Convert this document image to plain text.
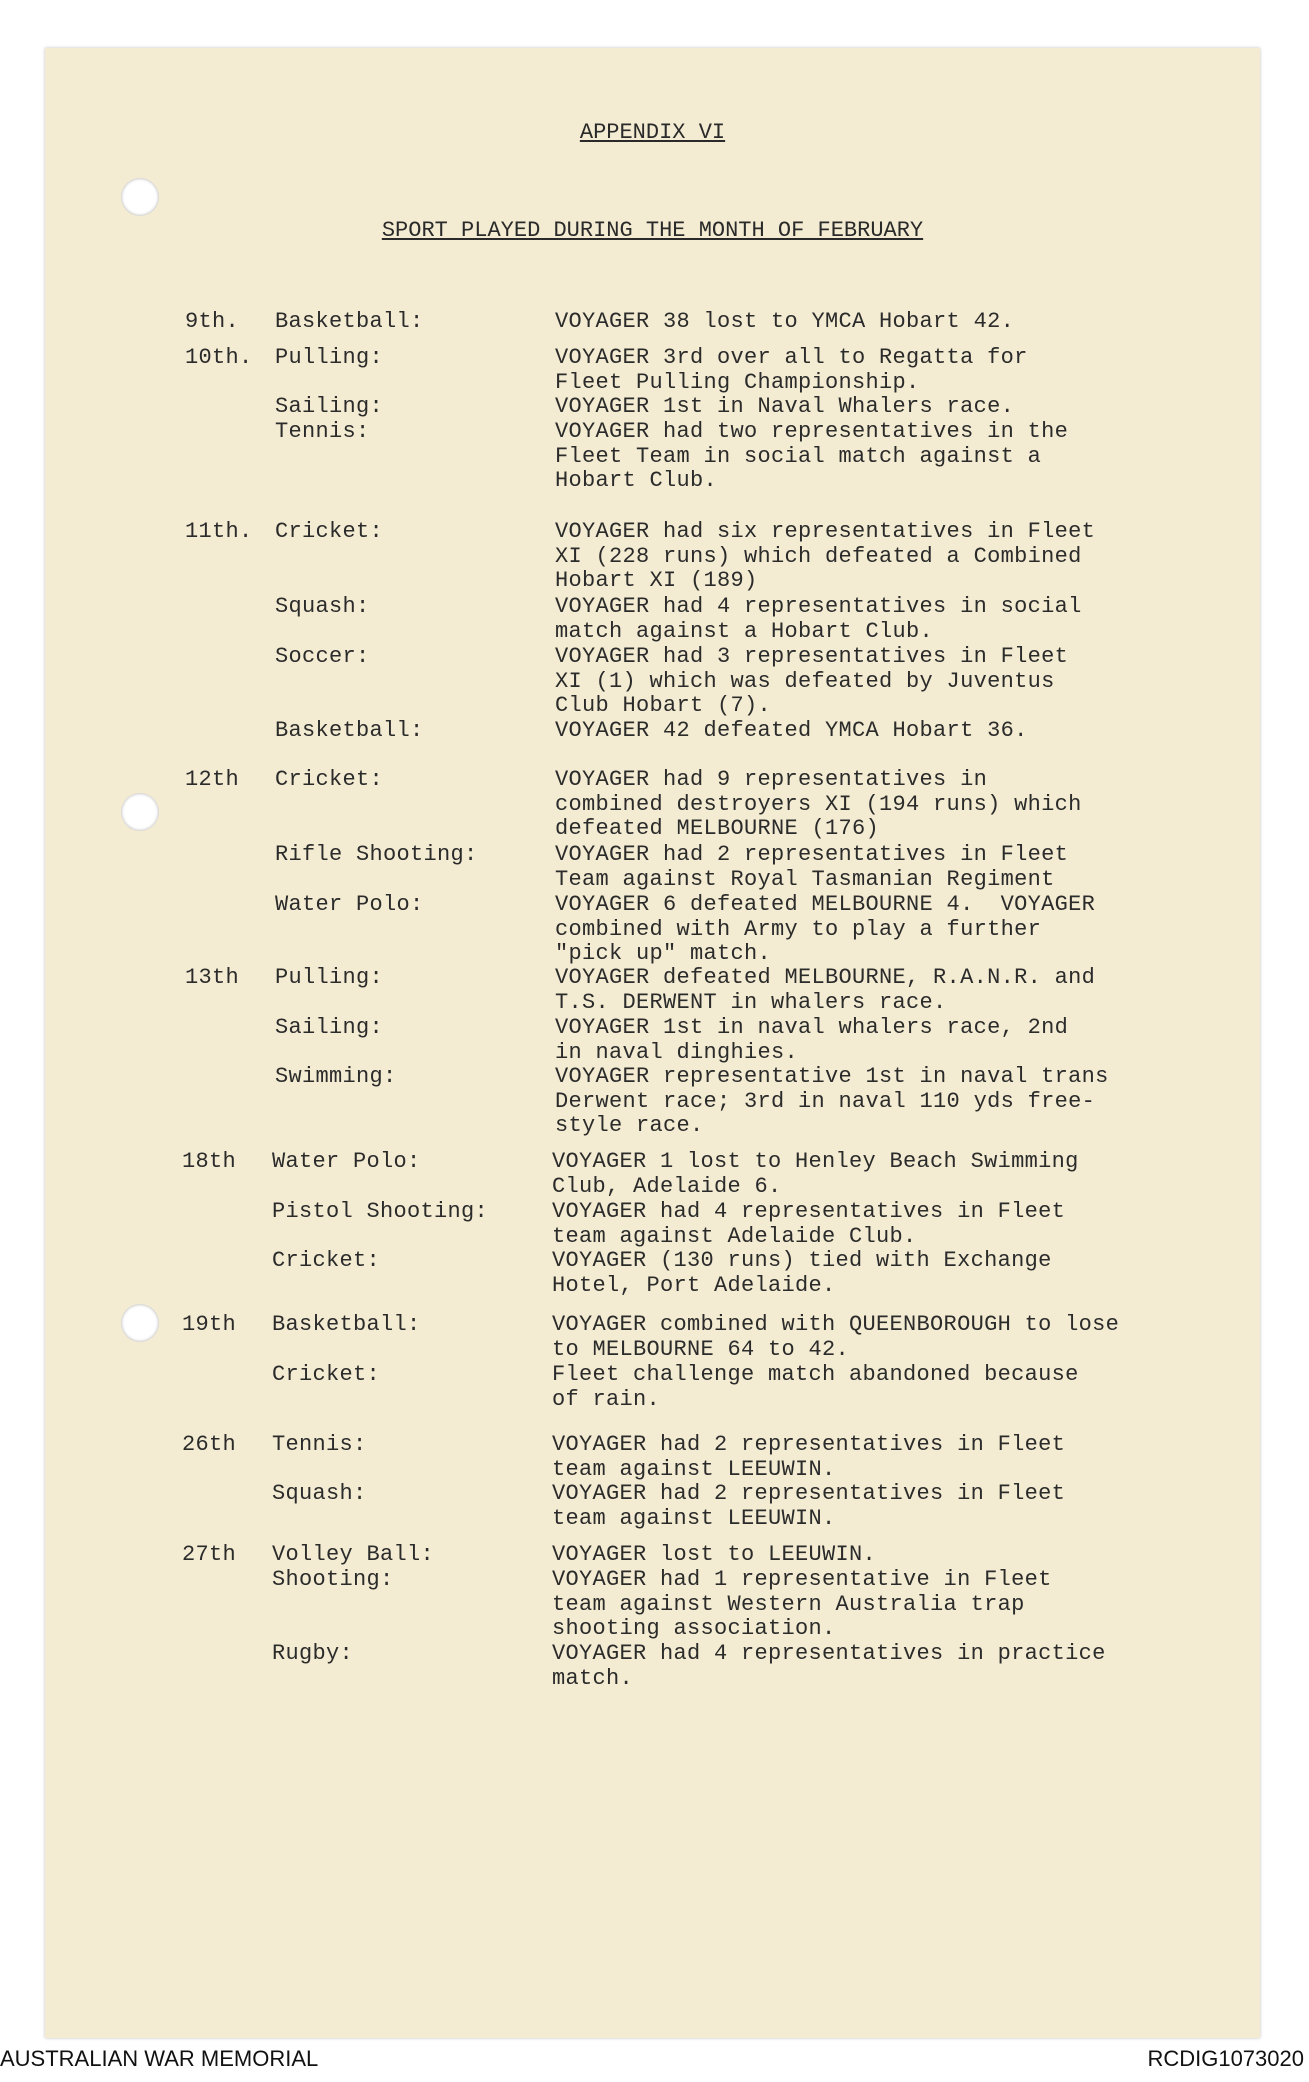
APPENDIX VI
SPORT PLAYED DURING THE MONTH OF FEBRUARY
9th. Basketball:	VOYAGER 38 lost to YMCA Hobart 42.
10th. Pulling:	VOYAGER 3rd over all to Regatta for
Fleet Pulling Championship.
Sailing:	VOYAGER 1st in Naval Whalers race.
Tennis:	VOYAGER had two representatives in the
Fleet Team in social match against a
Hobart Club.
11th. Cricket:	VOYAGER had six representatives in Fleet
XI (228 runs) which defeated a Combined
Hobart XI (189)
Squash:	VOYAGER had 4 representatives in social
match against a Hobart Club.
Soccer:	VOYAGER had 3 representatives in Fleet
XI (1) which was defeated by Juventus
Club Hobart (7).
Basketball:	VOYAGER 42 defeated YMCA Hobart 36.
12th Cricket:	VOYAGER had 9 representatives in
combined destroyers XI (194 runs) which
defeated MELBOURNE (176)
Rifle Shooting:	VOYAGER had 2 representatives in Fleet
Team against Royal Tasmanian Regiment
Water Polo:	VOYAGER 6 defeated MELBOURNE 4.  VOYAGER
combined with Army to play a further
"pick up" match.
13th Pulling:	VOYAGER defeated MELBOURNE, R.A.N.R. and
T.S. DERWENT in whalers race.
Sailing:	VOYAGER 1st in naval whalers race, 2nd
in naval dinghies.
Swimming:	VOYAGER representative 1st in naval trans
Derwent race; 3rd in naval 110 yds free-
style race.
18th Water Polo:	VOYAGER 1 lost to Henley Beach Swimming
Club, Adelaide 6.
Pistol Shooting:	VOYAGER had 4 representatives in Fleet
team against Adelaide Club.
Cricket:	VOYAGER (130 runs) tied with Exchange
Hotel, Port Adelaide.
19th Basketball:	VOYAGER combined with QUEENBOROUGH to lose
to MELBOURNE 64 to 42.
Cricket:	Fleet challenge match abandoned because
of rain.
26th Tennis:	VOYAGER had 2 representatives in Fleet
team against LEEUWIN.
Squash:	VOYAGER had 2 representatives in Fleet
team against LEEUWIN.
27th Volley Ball:	VOYAGER lost to LEEUWIN.
Shooting:	VOYAGER had 1 representative in Fleet
team against Western Australia trap
shooting association.
Rugby:	VOYAGER had 4 representatives in practice
match.
AUSTRALIAN WAR MEMORIAL	RCDIG1073020
